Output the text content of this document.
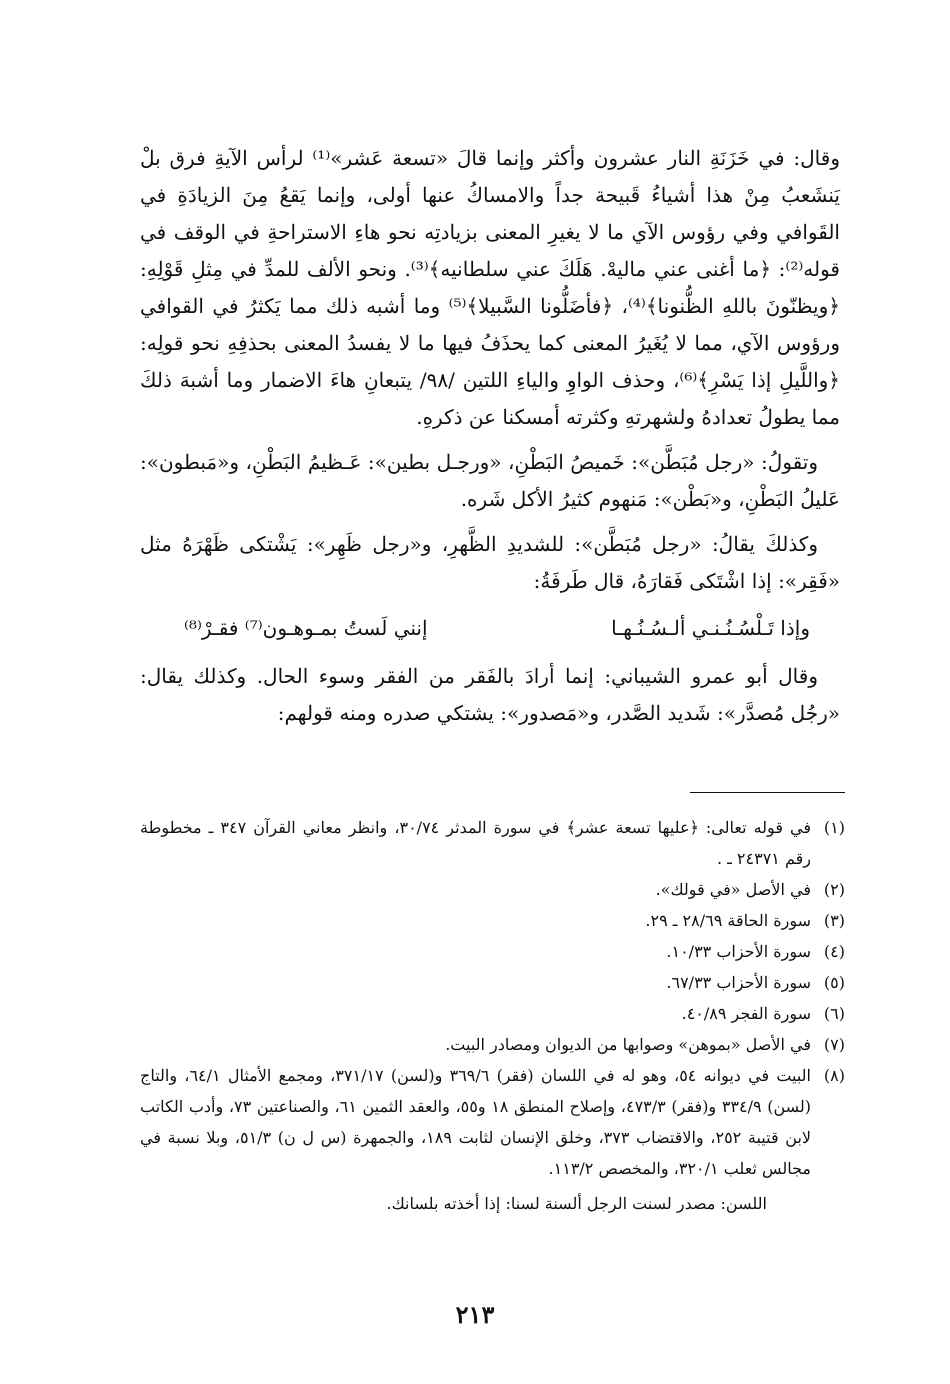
وقال: في خَزَنَةِ النار عشرون وأكثر وإنما قالَ «تسعة عَشر»⁽¹⁾ لرأس الآيةِ فرق بلْ يَنشَعبُ مِنْ هذا أشياءُ قَبيحة جداً والامساكُ عنها أولى، وإنما يَقعُ مِنَ الزيادَةِ في القَوافي وفي رؤوس الآي ما لا يغيرِ المعنى بزيادتِه نحو هاءِ الاستراحةِ في الوقف في قوله⁽²⁾: ﴿ما أغنى عني ماليهْ. هَلَكَ عني سلطانيه﴾⁽³⁾. ونحو الألف للمدِّ في مِثلِ قَوْلِهِ: ﴿ويظنّونَ باللهِ الظُّنونا﴾⁽⁴⁾، ﴿فأضَلُّونا السَّبيلا﴾⁽⁵⁾ وما أشبه ذلك مما يَكثرُ في القوافي ورؤوس الآي، مما لا يُغَيرُ المعنى كما يحذَفُ فيها ما لا يفسدُ المعنى بحذفِهِ نحو قولِه: ﴿واللَّيلِ إذا يَسْرِ﴾⁽⁶⁾، وحذف الواوِ والياءِ اللتين /٩٨/ يتبعانِ هاءَ الاضمار وما أشبهَ ذلكَ مما يطولُ تعدادهُ ولشهرتهِ وكثرته أمسكنا عن ذكرهِ.

وتقولُ: «رجل مُبَطَّن»: خَميصُ البَطْنِ، «ورجـل بطين»: عَـظيمُ البَطْنِ، و«مَبطون»: عَليلُ البَطْنِ، و«بَطْن»: مَنهوم كثيرُ الأكل شَره.

وكذلكَ يقالُ: «رجل مُبَطَّن»: للشديدِ الظَّهرِ، و«رجل ظَهِر»: يَشْتكى ظَهْرَهُ مثل «فَقِر»: إذا اشْتَكى فَقارَهُ، قال طَرفَةُ:

وإذا تَـلْسُـنُـنـي ألـسُـنُـهـا
إنني لَستُ بمـوهـون⁽⁷⁾ فقـرْ⁽⁸⁾

وقال أبو عمرو الشيباني: إنما أرادَ بالفَقر من الفقر وسوء الحال. وكذلك يقال: «رجُل مُصدَّر»: شَديد الصَّدر، و«مَصدور»: يشتكي صدره ومنه قولهم:

(١)في قوله تعالى: ﴿عليها تسعة عشر﴾ في سورة المدثر ٣٠/٧٤، وانظر معاني القرآن ٣٤٧ ـ مخطوطة رقم ٢٤٣٧١ ـ .
(٢)في الأصل «في قولك».
(٣)سورة الحاقة ٢٨/٦٩ ـ ٢٩.
(٤)سورة الأحزاب ١٠/٣٣.
(٥)سورة الأحزاب ٦٧/٣٣.
(٦)سورة الفجر ٤٠/٨٩.
(٧)في الأصل «بموهن» وصوابها من الديوان ومصادر البيت.
(٨)البيت في ديوانه ٥٤، وهو له في اللسان (فقر) ٣٦٩/٦ و(لسن) ٣٧١/١٧، ومجمع الأمثال ٦٤/١، والتاج (لسن) ٣٣٤/٩ و(فقر) ٤٧٣/٣، وإصلاح المنطق ١٨ و٥٥، والعقد الثمين ٦١، والصناعتين ٧٣، وأدب الكاتب لابن قتيبة ٢٥٢، والاقتضاب ٣٧٣، وخلق الإنسان لثابت ١٨٩، والجمهرة (س ل ن) ٥١/٣، وبلا نسبة في مجالس ثعلب ٣٢٠/١، والمخصص ١١٣/٢.
اللسن: مصدر لسنت الرجل ألسنة لسنا: إذا أخذته بلسانك.
٢١٣
